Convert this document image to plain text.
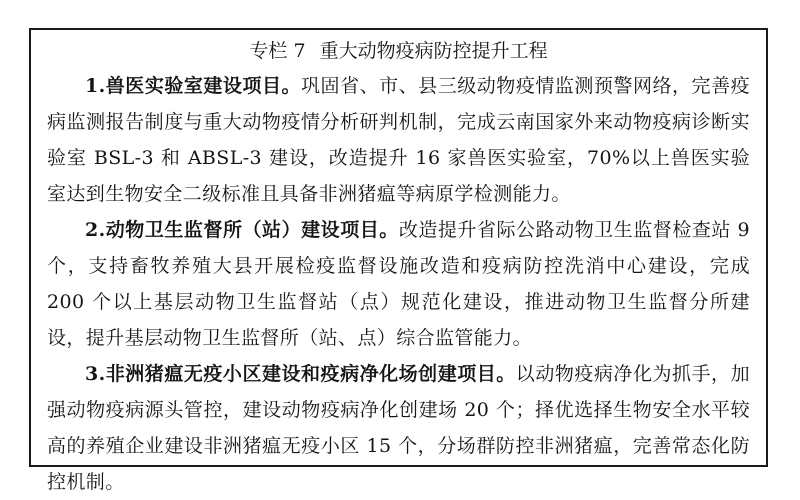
专栏 7 重大动物疫病防控提升工程

1.兽医实验室建设项目。巩固省、市、县三级动物疫情监测预警网络，完善疫病监测报告制度与重大动物疫情分析研判机制，完成云南国家外来动物疫病诊断实验室 BSL-3 和 ABSL-3 建设，改造提升 16 家兽医实验室，70%以上兽医实验室达到生物安全二级标准且具备非洲猪瘟等病原学检测能力。

2.动物卫生监督所（站）建设项目。改造提升省际公路动物卫生监督检查站 9 个，支持畜牧养殖大县开展检疫监督设施改造和疫病防控洗消中心建设，完成 200 个以上基层动物卫生监督站（点）规范化建设，推进动物卫生监督分所建设，提升基层动物卫生监督所（站、点）综合监管能力。

3.非洲猪瘟无疫小区建设和疫病净化场创建项目。以动物疫病净化为抓手，加强动物疫病源头管控，建设动物疫病净化创建场 20 个；择优选择生物安全水平较高的养殖企业建设非洲猪瘟无疫小区 15 个，分场群防控非洲猪瘟，完善常态化防控机制。
